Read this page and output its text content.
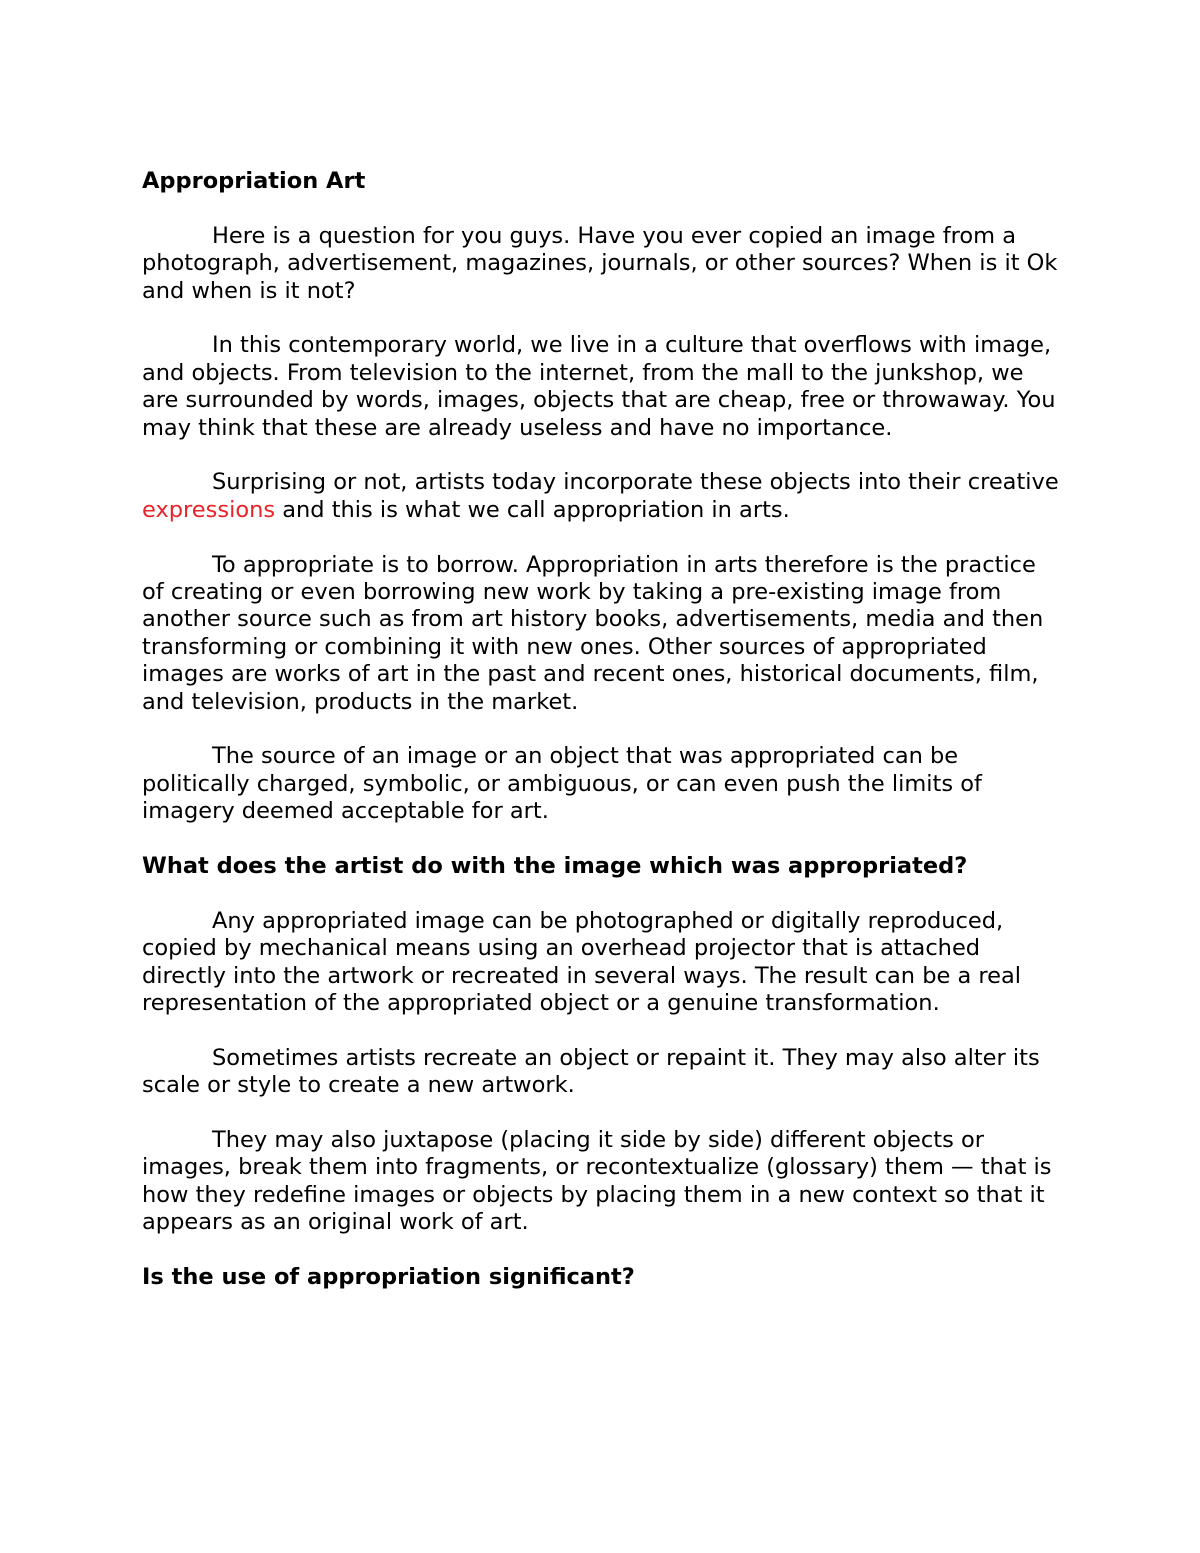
Appropriation Art

Here is a question for you guys. Have you ever copied an image from a photograph, advertisement, magazines, journals, or other sources? When is it Ok and when is it not?

In this contemporary world, we live in a culture that overflows with image, and objects. From television to the internet, from the mall to the junkshop, we are surrounded by words, images, objects that are cheap, free or throwaway. You may think that these are already useless and have no importance.

Surprising or not, artists today incorporate these objects into their creative expressions and this is what we call appropriation in arts.

To appropriate is to borrow. Appropriation in arts therefore is the practice of creating or even borrowing new work by taking a pre-existing image from another source such as from art history books, advertisements, media and then transforming or combining it with new ones. Other sources of appropriated images are works of art in the past and recent ones, historical documents, film, and television, products in the market.

The source of an image or an object that was appropriated can be politically charged, symbolic, or ambiguous, or can even push the limits of imagery deemed acceptable for art.

What does the artist do with the image which was appropriated?

Any appropriated image can be photographed or digitally reproduced, copied by mechanical means using an overhead projector that is attached directly into the artwork or recreated in several ways. The result can be a real representation of the appropriated object or a genuine transformation.

Sometimes artists recreate an object or repaint it. They may also alter its scale or style to create a new artwork.

They may also juxtapose (placing it side by side) different objects or images, break them into fragments, or recontextualize (glossary) them — that is how they redefine images or objects by placing them in a new context so that it appears as an original work of art.

Is the use of appropriation significant?
